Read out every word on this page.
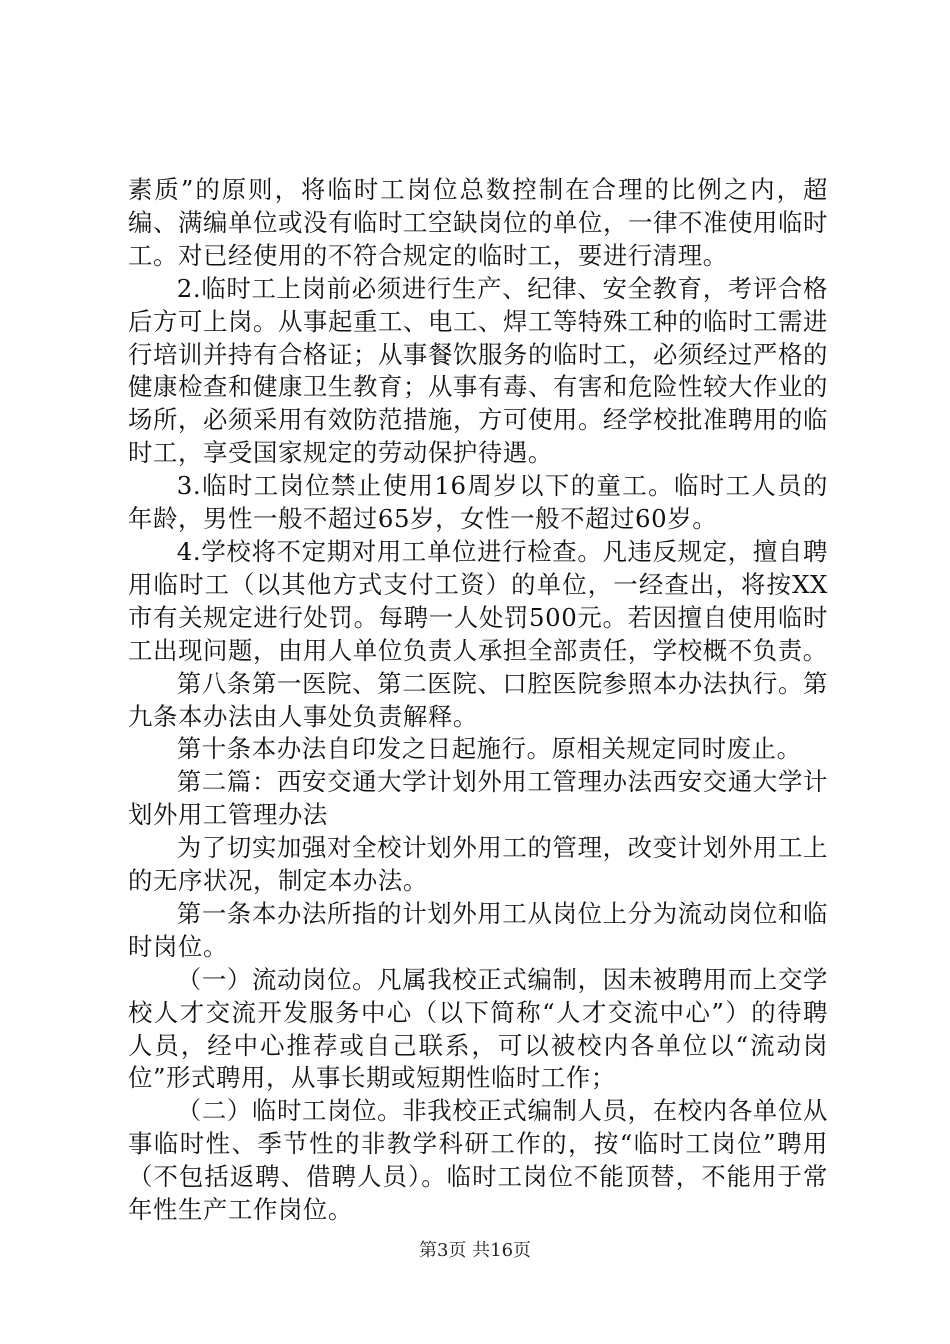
素质”的原则，将临时工岗位总数控制在合理的比例之内，超编、满编单位或没有临时工空缺岗位的单位，一律不准使用临时工。对已经使用的不符合规定的临时工，要进行清理。

2.临时工上岗前必须进行生产、纪律、安全教育，考评合格后方可上岗。从事起重工、电工、焊工等特殊工种的临时工需进行培训并持有合格证；从事餐饮服务的临时工，必须经过严格的健康检查和健康卫生教育；从事有毒、有害和危险性较大作业的场所，必须采用有效防范措施，方可使用。经学校批准聘用的临时工，享受国家规定的劳动保护待遇。

3.临时工岗位禁止使用16周岁以下的童工。临时工人员的年龄，男性一般不超过65岁，女性一般不超过60岁。

4.学校将不定期对用工单位进行检查。凡违反规定，擅自聘用临时工（以其他方式支付工资）的单位，一经查出，将按XX市有关规定进行处罚。每聘一人处罚500元。若因擅自使用临时工出现问题，由用人单位负责人承担全部责任，学校概不负责。

第八条第一医院、第二医院、口腔医院参照本办法执行。第九条本办法由人事处负责解释。

第十条本办法自印发之日起施行。原相关规定同时废止。

第二篇：西安交通大学计划外用工管理办法西安交通大学计划外用工管理办法

为了切实加强对全校计划外用工的管理，改变计划外用工上的无序状况，制定本办法。

第一条本办法所指的计划外用工从岗位上分为流动岗位和临时岗位。

（一）流动岗位。凡属我校正式编制，因未被聘用而上交学校人才交流开发服务中心（以下简称“人才交流中心”）的待聘人员，经中心推荐或自己联系，可以被校内各单位以“流动岗位”形式聘用，从事长期或短期性临时工作；

（二）临时工岗位。非我校正式编制人员，在校内各单位从事临时性、季节性的非教学科研工作的，按“临时工岗位”聘用（不包括返聘、借聘人员）。临时工岗位不能顶替，不能用于常年性生产工作岗位。

第3页 共16页
